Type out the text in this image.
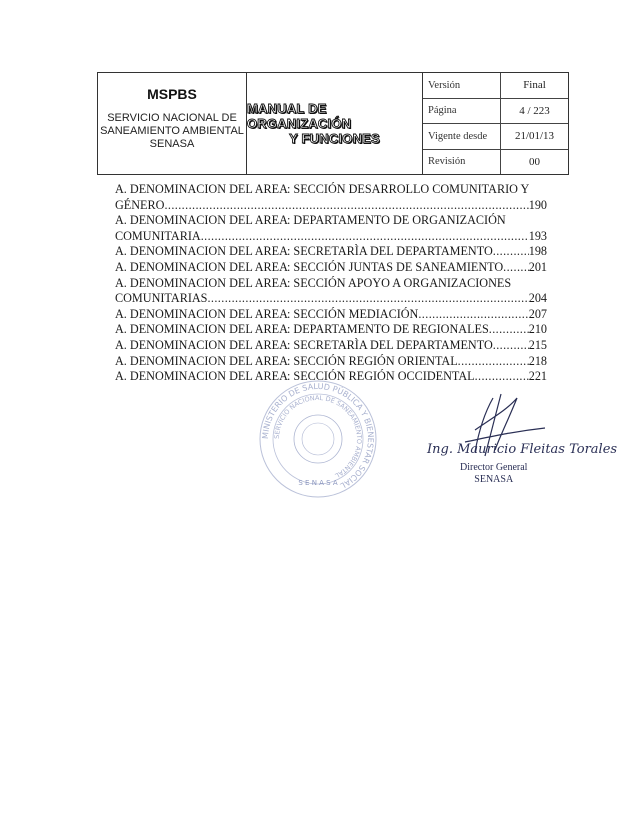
MSPBS
SERVICIO NACIONAL DE
SANEAMIENTO AMBIENTAL
SENASA
MANUAL DE ORGANIZACIÓN
Y FUNCIONES
Versión	Final
Página	4 / 223
Vigente desde	21/01/13
Revisión	00
A. DENOMINACION DEL AREA : SECCIÓN DESARROLLO COMUNITARIO Y
GÉNERO .....	190
A. DENOMINACION DEL AREA : DEPARTAMENTO DE ORGANIZACIÓN
COMUNITARIA .....	193
A. DENOMINACION DEL AREA : SECRETARÌA DEL DEPARTAMENTO .....	198
A. DENOMINACION DEL AREA : SECCIÓN JUNTAS DE SANEAMIENTO ..... 201
A. DENOMINACION DEL AREA : SECCIÓN APOYO A ORGANIZACIONES
COMUNITARIAS .....	204
A. DENOMINACION DEL AREA : SECCIÓN MEDIACIÓN .....	207
A. DENOMINACION DEL AREA : DEPARTAMENTO DE REGIONALES .....	210
A. DENOMINACION DEL AREA : SECRETARÌA DEL DEPARTAMENTO .....	215
A. DENOMINACION DEL AREA : SECCIÓN REGIÓN ORIENTAL .....	218
A. DENOMINACION DEL AREA : SECCIÓN REGIÓN OCCIDENTAL .....	221
MINISTERIO DE SALUD PÚBLICA Y BIENESTAR SOCIAL
SERVICIO NACIONAL DE SANEAMIENTO AMBIENTAL
S E N A S A
Ing. Mauricio Fleitas Torales
Director General
SENASA
